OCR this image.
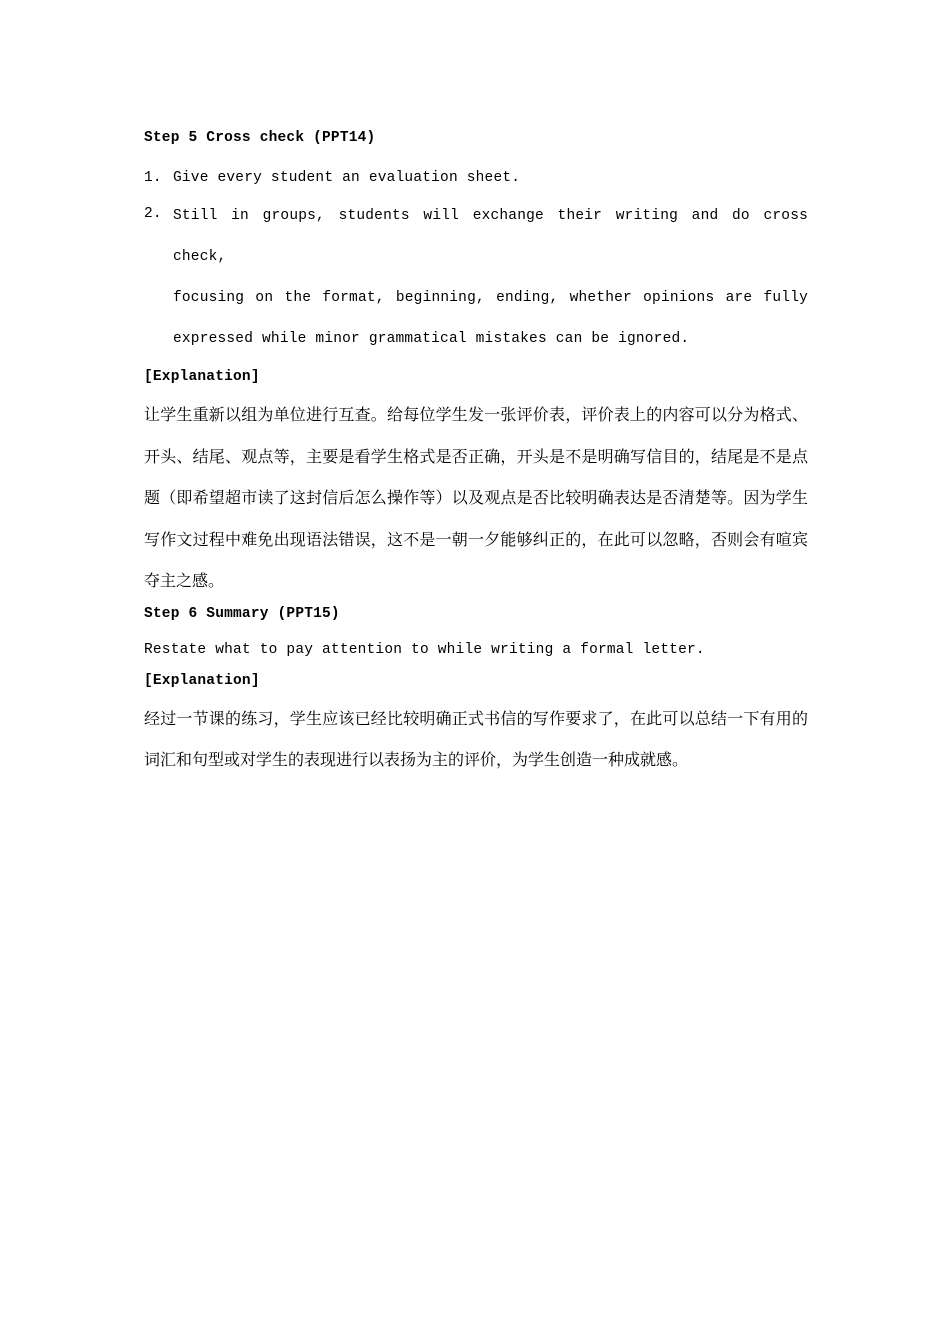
Step 5 Cross check (PPT14)
1. Give every student an evaluation sheet.
2. Still in groups, students will exchange their writing and do cross check,
focusing on the format, beginning, ending, whether opinions are fully
expressed while minor grammatical mistakes can be ignored.
[Explanation]
让学生重新以组为单位进行互查。给每位学生发一张评价表，评价表上的内容可以分为格式、开头、结尾、观点等，主要是看学生格式是否正确，开头是不是明确写信目的，结尾是不是点题（即希望超市读了这封信后怎么操作等）以及观点是否比较明确表达是否清楚等。因为学生写作文过程中难免出现语法错误，这不是一朝一夕能够纠正的，在此可以忽略，否则会有喧宾夺主之感。
Step 6 Summary (PPT15)
Restate what to pay attention to while writing a formal letter.
[Explanation]
经过一节课的练习，学生应该已经比较明确正式书信的写作要求了，在此可以总结一下有用的词汇和句型或对学生的表现进行以表扬为主的评价，为学生创造一种成就感。
